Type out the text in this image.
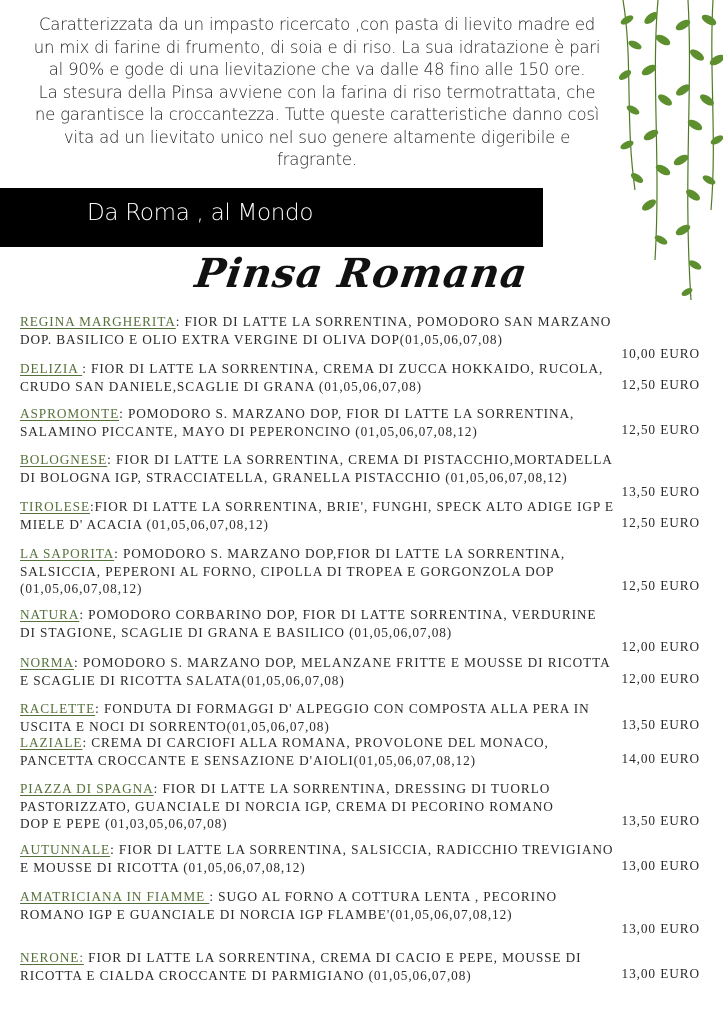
Caratterizzata da un impasto ricercato ,con pasta di lievito madre ed

un mix di farine di frumento, di soia e di riso. La sua idratazione è pari

al 90% e gode di una lievitazione che va dalle 48 fino alle 150 ore.

La stesura della Pinsa avviene con la farina di riso termotrattata, che

ne garantisce la croccantezza. Tutte queste caratteristiche danno così

vita ad un lievitato unico nel suo genere altamente digeribile e

fragrante.

Da Roma , al Mondo
Pinsa Romana
REGINA MARGHERITA: FIOR DI LATTE LA SORRENTINA, POMODORO SAN MARZANO
DOP. BASILICO E OLIO EXTRA VERGINE DI OLIVA DOP(01,05,06,07,08)
10,00 EURO
DELIZIA : FIOR DI LATTE LA SORRENTINA, CREMA DI ZUCCA HOKKAIDO, RUCOLA,
CRUDO SAN DANIELE,SCAGLIE DI GRANA (01,05,06,07,08)	12,50 EURO
ASPROMONTE: POMODORO S. MARZANO DOP, FIOR DI LATTE LA SORRENTINA,
SALAMINO PICCANTE, MAYO DI PEPERONCINO (01,05,06,07,08,12)	12,50 EURO
BOLOGNESE: FIOR DI LATTE LA SORRENTINA, CREMA DI PISTACCHIO,MORTADELLA
DI BOLOGNA IGP, STRACCIATELLA, GRANELLA PISTACCHIO (01,05,06,07,08,12)
13,50 EURO
TIROLESE:FIOR DI LATTE LA SORRENTINA, BRIE', FUNGHI, SPECK ALTO ADIGE IGP E
MIELE D' ACACIA (01,05,06,07,08,12)	12,50 EURO
LA SAPORITA: POMODORO S. MARZANO DOP,FIOR DI LATTE LA SORRENTINA,
SALSICCIA, PEPERONI AL FORNO, CIPOLLA DI TROPEA E GORGONZOLA DOP
(01,05,06,07,08,12)	12,50 EURO
NATURA: POMODORO CORBARINO DOP, FIOR DI LATTE SORRENTINA, VERDURINE
DI STAGIONE, SCAGLIE DI GRANA E BASILICO (01,05,06,07,08)
12,00 EURO
NORMA: POMODORO S. MARZANO DOP, MELANZANE FRITTE E MOUSSE DI RICOTTA
E SCAGLIE DI RICOTTA SALATA(01,05,06,07,08)	12,00 EURO
RACLETTE: FONDUTA DI FORMAGGI D' ALPEGGIO CON COMPOSTA ALLA PERA IN
USCITA E NOCI DI SORRENTO(01,05,06,07,08)	13,50 EURO
LAZIALE: CREMA DI CARCIOFI ALLA ROMANA, PROVOLONE DEL MONACO,
PANCETTA CROCCANTE E SENSAZIONE D'AIOLI(01,05,06,07,08,12)	14,00 EURO
PIAZZA DI SPAGNA: FIOR DI LATTE LA SORRENTINA, DRESSING DI TUORLO
PASTORIZZATO, GUANCIALE DI NORCIA IGP, CREMA DI PECORINO ROMANO
DOP E PEPE (01,03,05,06,07,08)	13,50 EURO
AUTUNNALE: FIOR DI LATTE LA SORRENTINA, SALSICCIA, RADICCHIO TREVIGIANO
E MOUSSE DI RICOTTA (01,05,06,07,08,12)	13,00 EURO
AMATRICIANA IN FIAMME : SUGO AL FORNO A COTTURA LENTA , PECORINO
ROMANO IGP E GUANCIALE DI NORCIA IGP FLAMBE'(01,05,06,07,08,12)
13,00 EURO
NERONE: FIOR DI LATTE LA SORRENTINA, CREMA DI CACIO E PEPE, MOUSSE DI
RICOTTA E CIALDA CROCCANTE DI PARMIGIANO (01,05,06,07,08)	13,00 EURO
